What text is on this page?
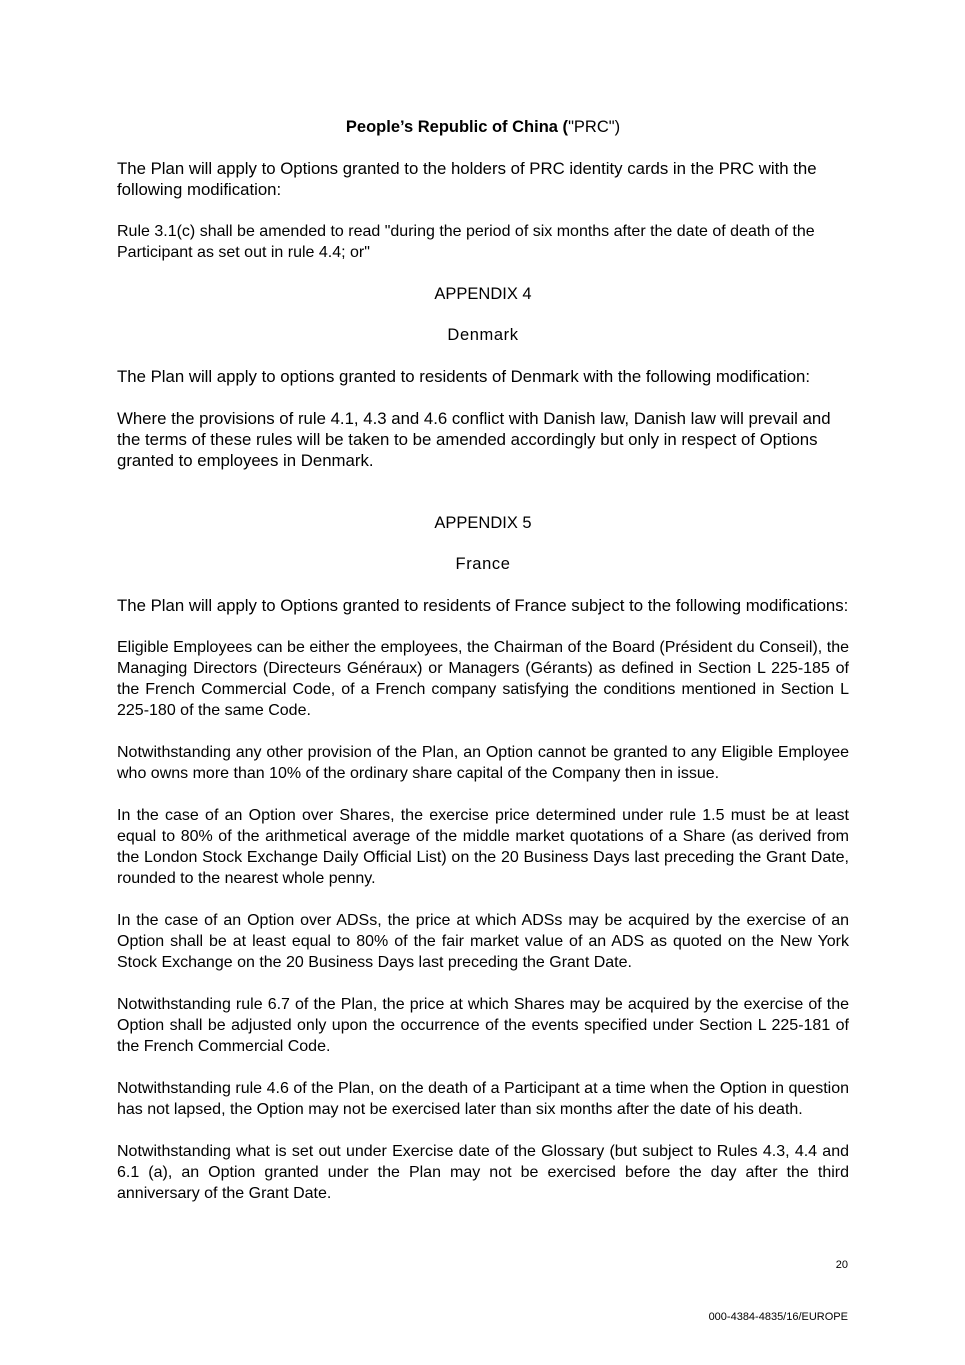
People’s Republic of China ("PRC")

The Plan will apply to Options granted to the holders of PRC identity cards in the PRC with the following modification:

Rule 3.1(c) shall be amended to read "during the period of six months after the date of death of the Participant as set out in rule 4.4; or"

APPENDIX 4
Denmark

The Plan will apply to options granted to residents of Denmark with the following modification:

Where the provisions of rule 4.1, 4.3 and 4.6 conflict with Danish law, Danish law will prevail and the terms of these rules will be taken to be amended accordingly but only in respect of Options granted to employees in Denmark.

APPENDIX 5
France

The Plan will apply to Options granted to residents of France subject to the following modifications:

Eligible Employees can be either the employees, the Chairman of the Board (Président du Conseil), the Managing Directors (Directeurs Généraux) or Managers (Gérants) as defined in Section L 225-185 of the French Commercial Code, of a French company satisfying the conditions mentioned in Section L 225-180 of the same Code.

Notwithstanding any other provision of the Plan, an Option cannot be granted to any Eligible Employee who owns more than 10% of the ordinary share capital of the Company then in issue.

In the case of an Option over Shares, the exercise price determined under rule 1.5 must be at least equal to 80% of the arithmetical average of the middle market quotations of a Share (as derived from the London Stock Exchange Daily Official List) on the 20 Business Days last preceding the Grant Date, rounded to the nearest whole penny.

In the case of an Option over ADSs, the price at which ADSs may be acquired by the exercise of an Option shall be at least equal to 80% of the fair market value of an ADS as quoted on the New York Stock Exchange on the 20 Business Days last preceding the Grant Date.

Notwithstanding rule 6.7 of the Plan, the price at which Shares may be acquired by the exercise of the Option shall be adjusted only upon the occurrence of the events specified under Section L 225-181 of the French Commercial Code.

Notwithstanding rule 4.6 of the Plan, on the death of a Participant at a time when the Option in question has not lapsed, the Option may not be exercised later than six months after the date of his death.

Notwithstanding what is set out under Exercise date of the Glossary (but subject to Rules 4.3, 4.4 and 6.1 (a), an Option granted under the Plan may not be exercised before the day after the third anniversary of the Grant Date.

20
000-4384-4835/16/EUROPE
